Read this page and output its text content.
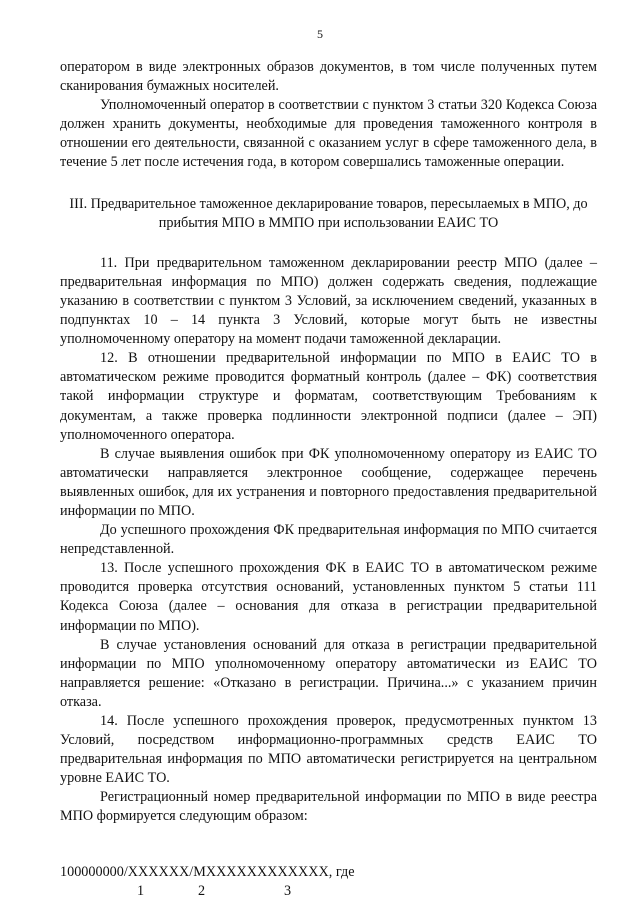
5

оператором в виде электронных образов документов, в том числе полученных путем сканирования бумажных носителей.

Уполномоченный оператор в соответствии с пунктом 3 статьи 320 Кодекса Союза должен хранить документы, необходимые для проведения таможенного контроля в отношении его деятельности, связанной с оказанием услуг в сфере таможенного дела, в течение 5 лет после истечения года, в котором совершались таможенные операции.

III. Предварительное таможенное декларирование товаров, пересылаемых в МПО, до прибытия МПО в ММПО при использовании ЕАИС ТО

11. При предварительном таможенном декларировании реестр МПО (далее – предварительная информация по МПО) должен содержать сведения, подлежащие указанию в соответствии с пунктом 3 Условий, за исключением сведений, указанных в подпунктах 10 – 14 пункта 3 Условий, которые могут быть не известны уполномоченному оператору на момент подачи таможенной декларации.

12. В отношении предварительной информации по МПО в ЕАИС ТО в автоматическом режиме проводится форматный контроль (далее – ФК) соответствия такой информации структуре и форматам, соответствующим Требованиям к документам, а также проверка подлинности электронной подписи (далее – ЭП) уполномоченного оператора.

В случае выявления ошибок при ФК уполномоченному оператору из ЕАИС ТО автоматически направляется электронное сообщение, содержащее перечень выявленных ошибок, для их устранения и повторного предоставления предварительной информации по МПО.

До успешного прохождения ФК предварительная информация по МПО считается непредставленной.

13. После успешного прохождения ФК в ЕАИС ТО в автоматическом режиме проводится проверка отсутствия оснований, установленных пунктом 5 статьи 111 Кодекса Союза (далее – основания для отказа в регистрации предварительной информации по МПО).

В случае установления оснований для отказа в регистрации предварительной информации по МПО уполномоченному оператору автоматически из ЕАИС ТО направляется решение: «Отказано в регистрации. Причина...» с указанием причин отказа.

14. После успешного прохождения проверок, предусмотренных пунктом 13 Условий, посредством информационно-программных средств ЕАИС ТО предварительная информация по МПО автоматически регистрируется на центральном уровне ЕАИС ТО.

Регистрационный номер предварительной информации по МПО в виде реестра МПО формируется следующим образом:

100000000/XXXXXX/MXXXXXXXXXXXX, где

1	2	3
